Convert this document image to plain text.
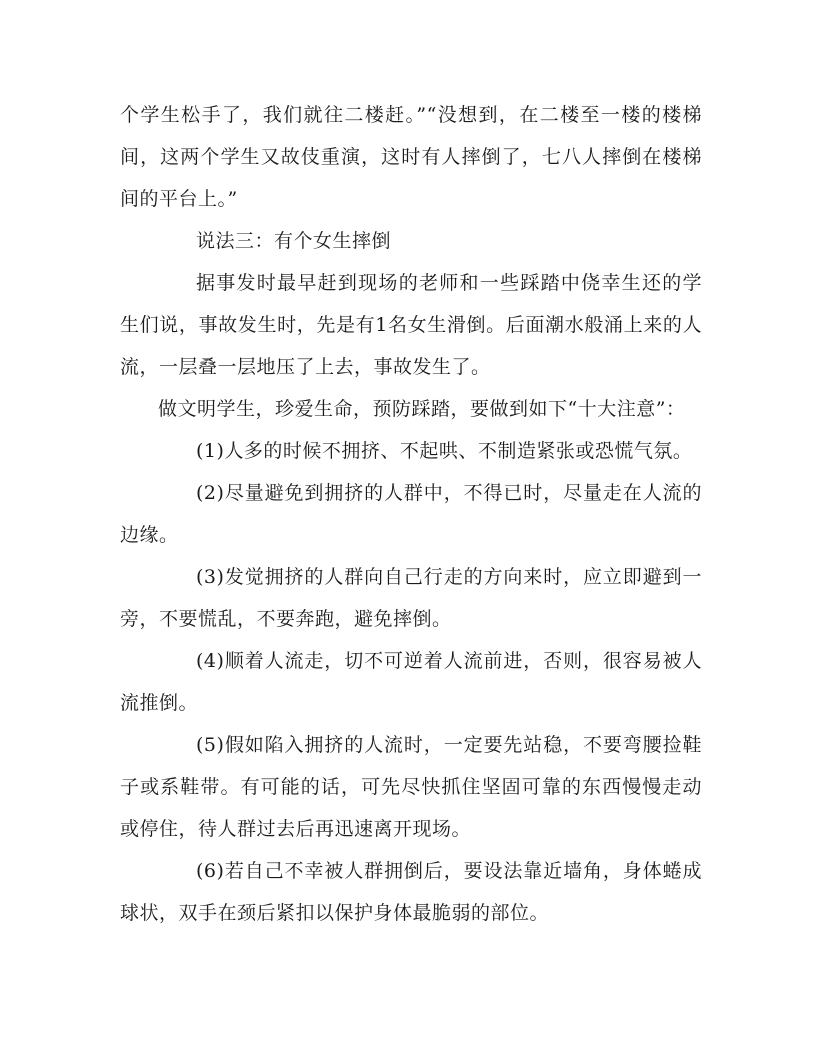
个学生松手了，我们就往二楼赶。”“没想到，在二楼至一楼的楼梯间，这两个学生又故伎重演，这时有人摔倒了，七八人摔倒在楼梯间的平台上。”

说法三：有个女生摔倒

据事发时最早赶到现场的老师和一些踩踏中侥幸生还的学生们说，事故发生时，先是有1名女生滑倒。后面潮水般涌上来的人流，一层叠一层地压了上去，事故发生了。

做文明学生，珍爱生命，预防踩踏，要做到如下“十大注意”：

(1)人多的时候不拥挤、不起哄、不制造紧张或恐慌气氛。

(2)尽量避免到拥挤的人群中，不得已时，尽量走在人流的边缘。

(3)发觉拥挤的人群向自己行走的方向来时，应立即避到一旁，不要慌乱，不要奔跑，避免摔倒。

(4)顺着人流走，切不可逆着人流前进，否则，很容易被人流推倒。

(5)假如陷入拥挤的人流时，一定要先站稳，不要弯腰捡鞋子或系鞋带。有可能的话，可先尽快抓住坚固可靠的东西慢慢走动或停住，待人群过去后再迅速离开现场。

(6)若自己不幸被人群拥倒后，要设法靠近墙角，身体蜷成球状，双手在颈后紧扣以保护身体最脆弱的部位。
